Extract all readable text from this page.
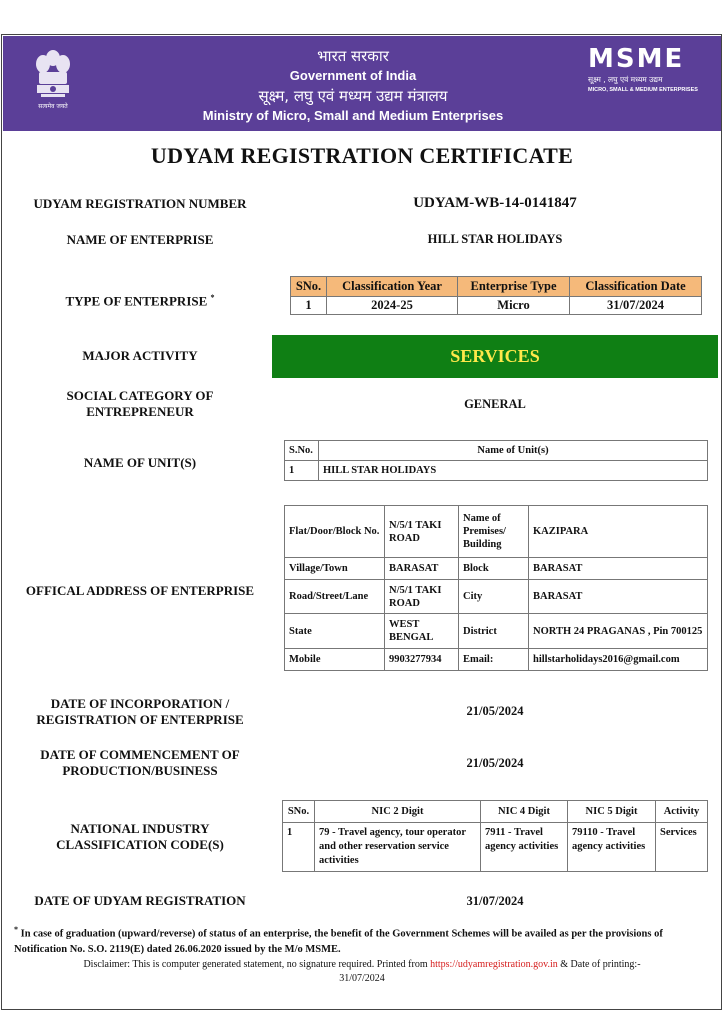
सत्यमेव जयते
भारत सरकार
Government of India
सूक्ष्म, लघु एवं मध्यम उद्यम मंत्रालय
Ministry of Micro, Small and Medium Enterprises
MSME
सूक्ष्म , लघु एवं मध्यम उद्यम
MICRO, SMALL & MEDIUM ENTERPRISES
UDYAM REGISTRATION CERTIFICATE
UDYAM REGISTRATION NUMBER	UDYAM-WB-14-0141847
NAME OF ENTERPRISE	HILL STAR HOLIDAYS
TYPE OF ENTERPRISE *
SNo.	Classification Year	Enterprise Type	Classification Date
1	2024-25	Micro	31/07/2024
MAJOR ACTIVITY	SERVICES
SOCIAL CATEGORY OF
ENTREPRENEUR	GENERAL
NAME OF UNIT(S)
S.No.	Name of Unit(s)
1	HILL STAR HOLIDAYS
OFFICAL ADDRESS OF ENTERPRISE
Flat/Door/Block No.	N/5/1 TAKI ROAD	Name of Premises/ Building	KAZIPARA
Village/Town	BARASAT	Block	BARASAT
Road/Street/Lane	N/5/1 TAKI ROAD	City	BARASAT
State	WEST BENGAL	District	NORTH 24 PRAGANAS , Pin 700125
Mobile	9903277934	Email:	hillstarholidays2016@gmail.com
DATE OF INCORPORATION /
REGISTRATION OF ENTERPRISE
21/05/2024
DATE OF COMMENCEMENT OF
PRODUCTION/BUSINESS	21/05/2024
NATIONAL INDUSTRY
CLASSIFICATION CODE(S)
SNo.	NIC 2 Digit	NIC 4 Digit	NIC 5 Digit	Activity
1	79 - Travel agency, tour operator and other reservation service activities	7911 - Travel agency activities	79110 - Travel agency activities	Services
DATE OF UDYAM REGISTRATION	31/07/2024
* In case of graduation (upward/reverse) of status of an enterprise, the benefit of the Government Schemes will be availed as per the provisions of Notification No. S.O. 2119(E) dated 26.06.2020 issued by the M/o MSME.
Disclaimer: This is computer generated statement, no signature required. Printed from https://udyamregistration.gov.in & Date of printing:-
31/07/2024
